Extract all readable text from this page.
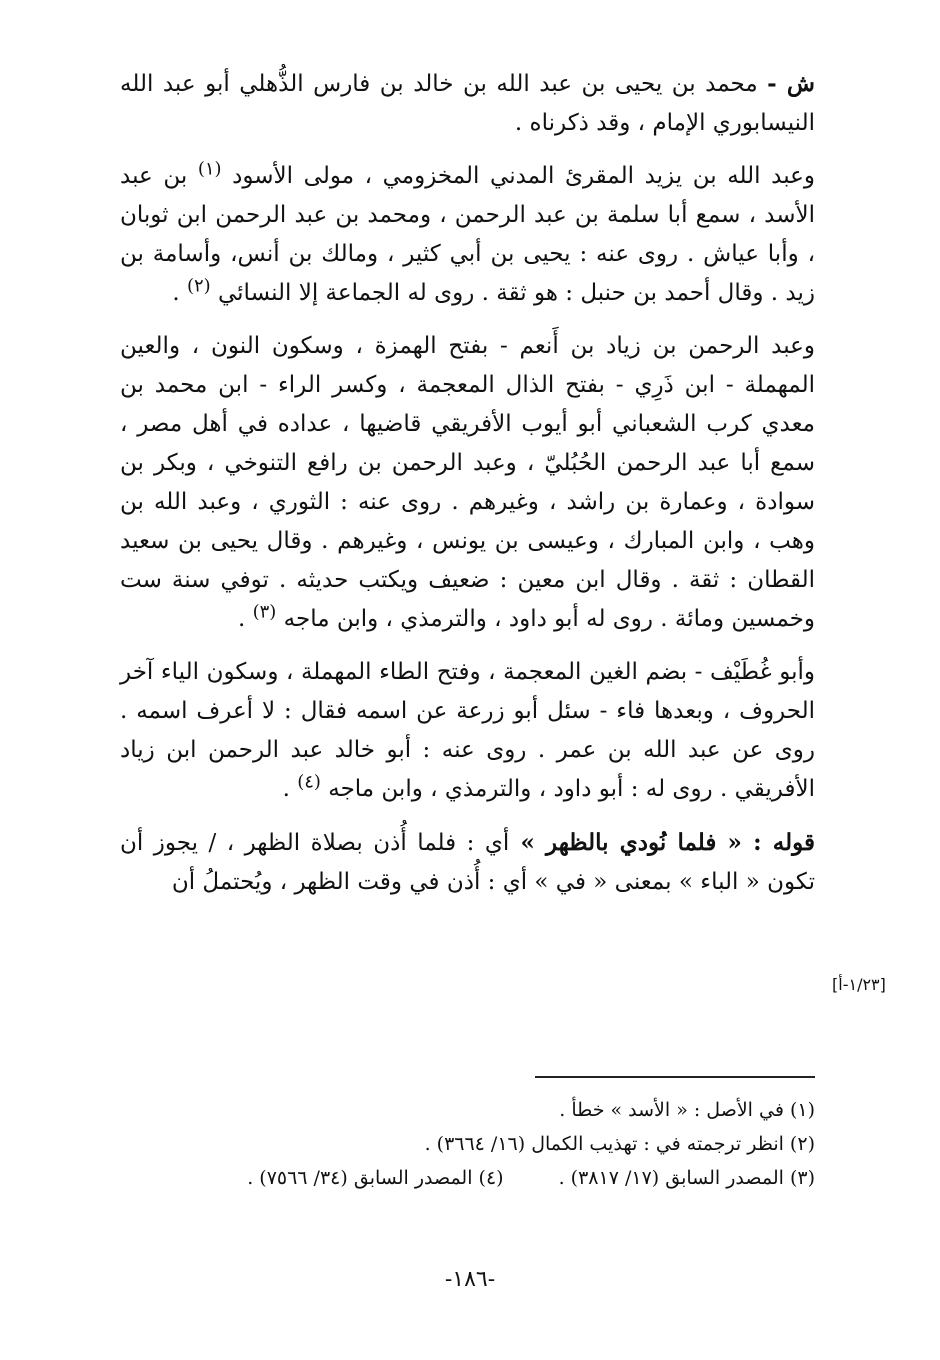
ش - محمد بن يحيى بن عبد الله بن خالد بن فارس الذُّهلي أبو عبد الله النيسابوري الإمام ، وقد ذكرناه .

وعبد الله بن يزيد المقرئ المدني المخزومي ، مولى الأسود $^{(١)}$ بن عبد الأسد ، سمع أبا سلمة بن عبد الرحمن ، ومحمد بن عبد الرحمن ابن ثوبان ، وأبا عياش . روى عنه : يحيى بن أبي كثير ، ومالك بن أنس، وأسامة بن زيد . وقال أحمد بن حنبل : هو ثقة . روى له الجماعة إلا النسائي $^{(٢)}$ .

وعبد الرحمن بن زياد بن أَنعم - بفتح الهمزة ، وسكون النون ، والعين المهملة - ابن ذَرِي - بفتح الذال المعجمة ، وكسر الراء - ابن محمد بن معدي كرب الشعباني أبو أيوب الأفريقي قاضيها ، عداده في أهل مصر ، سمع أبا عبد الرحمن الحُبُليّ ، وعبد الرحمن بن رافع التنوخي ، وبكر بن سوادة ، وعمارة بن راشد ، وغيرهم . روى عنه : الثوري ، وعبد الله بن وهب ، وابن المبارك ، وعيسى بن يونس ، وغيرهم . وقال يحيى بن سعيد القطان : ثقة . وقال ابن معين : ضعيف ويكتب حديثه . توفي سنة ست وخمسين ومائة . روى له أبو داود ، والترمذي ، وابن ماجه $^{(٣)}$ .

وأبو غُطَيْف - بضم الغين المعجمة ، وفتح الطاء المهملة ، وسكون الياء آخر الحروف ، وبعدها فاء - سئل أبو زرعة عن اسمه فقال : لا أعرف اسمه . روى عن عبد الله بن عمر . روى عنه : أبو خالد عبد الرحمن ابن زياد الأفريقي . روى له : أبو داود ، والترمذي ، وابن ماجه $^{(٤)}$ .

قوله : « فلما نُودي بالظهر » أي : فلما أُذن بصلاة الظهر ، / يجوز أن تكون « الباء » بمعنى « في » أي : أُذن في وقت الظهر ، ويُحتملُ أن

[١/٢٣-أ]
(١) في الأصل : « الأسد » خطأ .
(٢) انظر ترجمته في : تهذيب الكمال (١٦/ ٣٦٦٤) .
(٣) المصدر السابق (١٧/ ٣٨١٧) .
(٤) المصدر السابق (٣٤/ ٧٥٦٦) .
-١٨٦-
